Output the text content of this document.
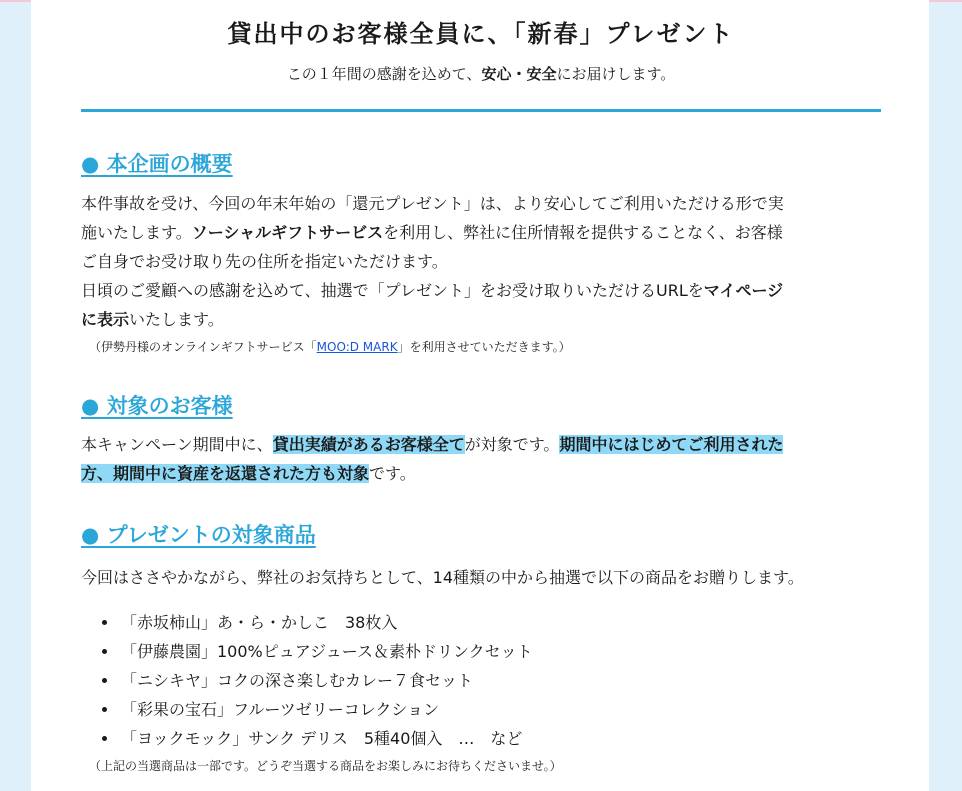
貸出中のお客様全員に、「新春」プレゼント

この１年間の感謝を込めて、安心・安全にお届けします。

● 本企画の概要

本件事故を受け、今回の年末年始の「還元プレゼント」は、より安心してご利用いただける形で実
施いたします。ソーシャルギフトサービスを利用し、弊社に住所情報を提供することなく、お客様
ご自身でお受け取り先の住所を指定いただけます。
日頃のご愛顧への感謝を込めて、抽選で「プレゼント」をお受け取りいただけるURLをマイページ
に表示いたします。

（伊勢丹様のオンラインギフトサービス「MOO:D MARK」を利用させていただきます。）

● 対象のお客様

本キャンペーン期間中に、貸出実績があるお客様全てが対象です。期間中にはじめてご利用された
方、期間中に資産を返還された方も対象です。

● プレゼントの対象商品

今回はささやかながら、弊社のお気持ちとして、14種類の中から抽選で以下の商品をお贈りします。

• 「赤坂柿山」あ・ら・かしこ　38枚入
• 「伊藤農園」100%ピュアジュース＆素朴ドリンクセット
• 「ニシキヤ」コクの深さ楽しむカレー７食セット
• 「彩果の宝石」フルーツゼリーコレクション
• 「ヨックモック」サンク デリス　5種40個入　…　など

（上記の当選商品は一部です。どうぞ当選する商品をお楽しみにお待ちくださいませ。）
